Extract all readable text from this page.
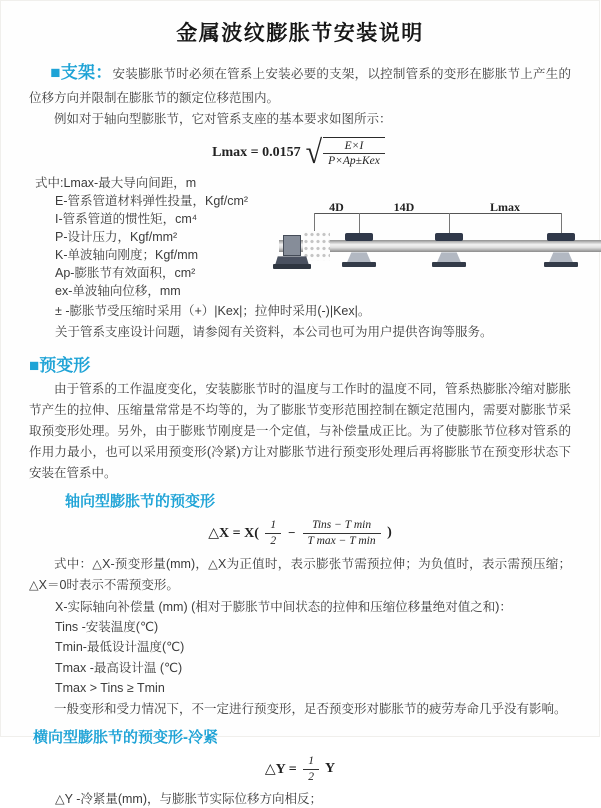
金属波纹膨胀节安装说明

■支架：安装膨胀节时必须在管系上安装必要的支架，以控制管系的变形在膨胀节上产生的位移方向并限制在膨胀节的额定位移范围内。

例如对于轴向型膨胀节，它对管系支座的基本要求如图所示：

Lmax = 0.0157 √ $\frac{E\times I}{\text{P×Ap±Kex}}$
式中:Lmax-最大导向间距，m
E-管系管道材料弹性投量，Kgf/cm²
I-管系管道的惯性矩，cm⁴
P-设计压力，Kgf/mm²
K-单波轴向刚度；Kgf/mm
Ap-膨胀节有效面积，cm²
ex-单波轴向位移，mm
4D	14D	Lmax
± -膨胀节受压缩时采用（+）|Kex|；拉伸时采用(-)|Kex|。
关于管系支座设计问题，请参阅有关资料，本公司也可为用户提供咨询等服务。
■预变形

由于管系的工作温度变化，安装膨胀节时的温度与工作时的温度不同，管系热膨胀冷缩对膨胀节产生的拉伸、压缩量常常是不均等的，为了膨胀节变形范围控制在额定范围内，需要对膨胀节采取预变形处理。另外，由于膨账节刚度是一个定值，与补偿量成正比。为了使膨胀节位移对管系的作用力最小，也可以采用预变形(冷紧)方让对膨胀节进行预变形处理后再将膨胀节在预变形状态下安装在管系中。

轴向型膨胀节的预变形
△X = $X( \frac{1}{2} - \frac{\text{Tins − T min}}{\text{T max − T min}}$ )

式中：△X-预变形量(mm)，△X为正值时，表示膨张节需预拉伸；为负值时，表示需预压缩；△X＝0时表示不需预变形。

X-实际轴向补偿量 (mm) (相对于膨胀节中间状态的拉伸和压缩位移量绝对值之和)：
Tins -安装温度(℃)
Tmin-最低设计温度(℃)
Tmax -最高设计温 (℃)
Tmax > Tins ≥ Tmin

一般变形和受力情况下，不一定进行预变形，足否预变形对膨胀节的疲劳寿命几乎没有影响。

横向型膨胀节的预变形-冷紧
△Y = $\frac{1}{2}$ Y
△Y -冷紧量(mm)，与膨胀节实际位移方向相反；
